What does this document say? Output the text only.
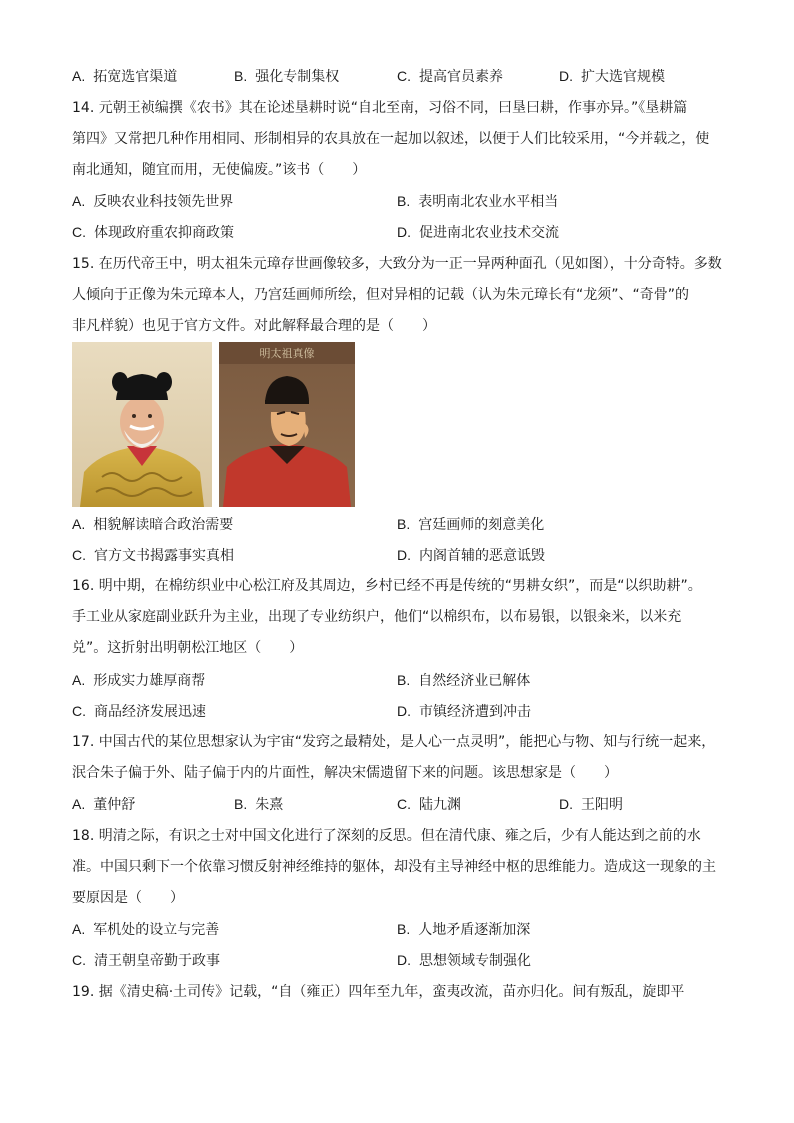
A. 拓宽选官渠道	B. 强化专制集权	C. 提高官员素养	D. 扩大选官规模
14. 元朝王祯编撰《农书》其在论述垦耕时说“自北至南，习俗不同，曰垦曰耕，作事亦异。”《垦耕篇
第四》又常把几种作用相同、形制相异的农具放在一起加以叙述，以便于人们比较采用，“今并载之，使
南北通知，随宜而用，无使偏废。”该书（　　）
A. 反映农业科技领先世界	B. 表明南北农业水平相当
C. 体现政府重农抑商政策	D. 促进南北农业技术交流
15. 在历代帝王中，明太祖朱元璋存世画像较多，大致分为一正一异两种面孔（见如图），十分奇特。多数
人倾向于正像为朱元璋本人，乃宫廷画师所绘，但对异相的记载（认为朱元璋长有“龙须”、“奇骨”的
非凡样貌）也见于官方文件。对此解释最合理的是（　　）
明太祖真像
A. 相貌解读暗合政治需要	B. 宫廷画师的刻意美化
C. 官方文书揭露事实真相	D. 内阁首辅的恶意诋毁
16. 明中期，在棉纺织业中心松江府及其周边，乡村已经不再是传统的“男耕女织”，而是“以织助耕”。
手工业从家庭副业跃升为主业，出现了专业纺织户，他们“以棉织布，以布易银，以银籴米，以米充
兑”。这折射出明朝松江地区（　　）
A. 形成实力雄厚商帮	B. 自然经济业已解体
C. 商品经济发展迅速	D. 市镇经济遭到冲击
17. 中国古代的某位思想家认为宇宙“发窍之最精处，是人心一点灵明”，能把心与物、知与行统一起来，
泯合朱子偏于外、陆子偏于内的片面性，解决宋儒遗留下来的问题。该思想家是（　　）
A. 董仲舒	B. 朱熹	C. 陆九渊	D. 王阳明
18. 明清之际，有识之士对中国文化进行了深刻的反思。但在清代康、雍之后，少有人能达到之前的水
准。中国只剩下一个依靠习惯反射神经维持的躯体，却没有主导神经中枢的思维能力。造成这一现象的主
要原因是（　　）
A. 军机处的设立与完善	B. 人地矛盾逐渐加深
C. 清王朝皇帝勤于政事	D. 思想领域专制强化
19. 据《清史稿·土司传》记载，“自（雍正）四年至九年，蛮夷改流，苗亦归化。间有叛乱，旋即平
